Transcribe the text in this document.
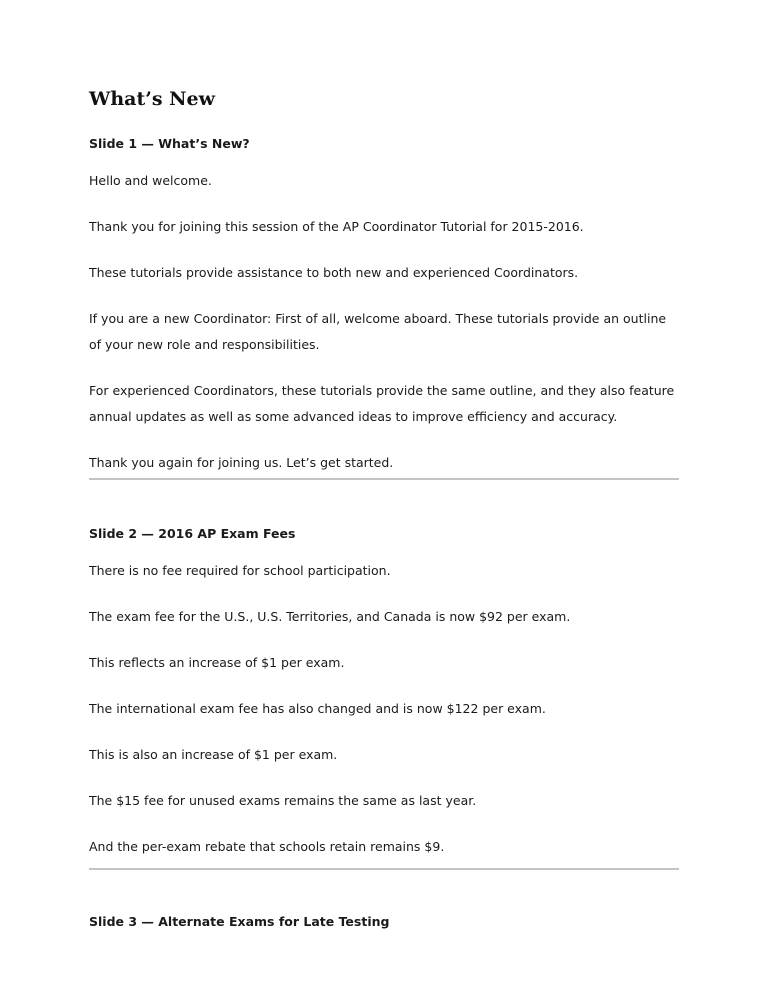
What’s New
Slide 1 — What’s New?

Hello and welcome.

Thank you for joining this session of the AP Coordinator Tutorial for 2015-2016.

These tutorials provide assistance to both new and experienced Coordinators.

If you are a new Coordinator: First of all, welcome aboard. These tutorials provide an outline of your new role and responsibilities.

For experienced Coordinators, these tutorials provide the same outline, and they also feature annual updates as well as some advanced ideas to improve efficiency and accuracy.

Thank you again for joining us. Let’s get started.

Slide 2 — 2016 AP Exam Fees

There is no fee required for school participation.

The exam fee for the U.S., U.S. Territories, and Canada is now $92 per exam.

This reflects an increase of $1 per exam.

The international exam fee has also changed and is now $122 per exam.

This is also an increase of $1 per exam.

The $15 fee for unused exams remains the same as last year.

And the per-exam rebate that schools retain remains $9.

Slide 3 — Alternate Exams for Late Testing
